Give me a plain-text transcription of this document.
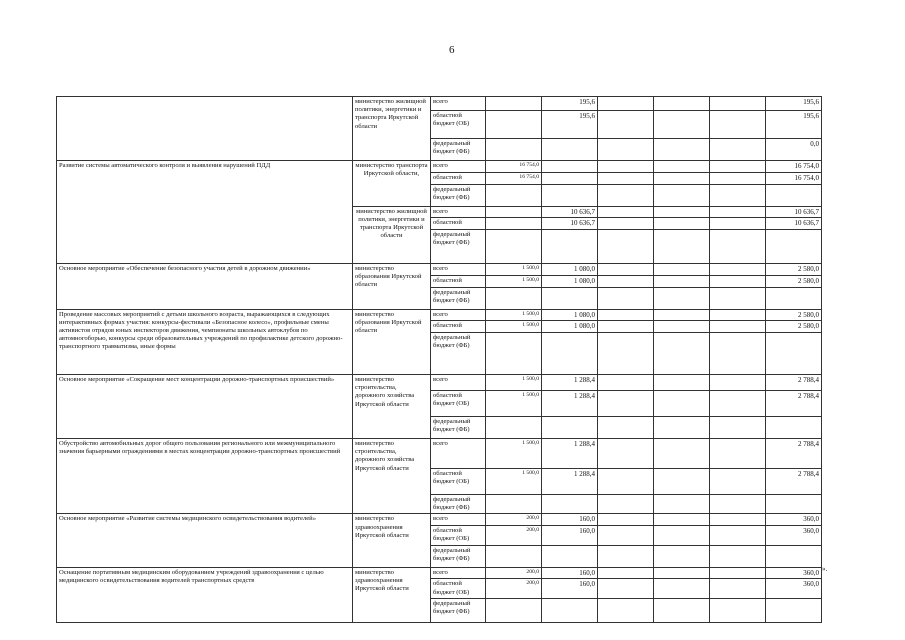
6
	министерство жилищной политики, энергетики и транспорта Иркутской области	всего		195,6				195,6
		областной бюджет (ОБ)		195,6				195,6
		федеральный бюджет (ФБ)						0,0
Развитие системы автоматического контроля и выявления нарушений ПДД	министерство транспорта Иркутской области,	всего	16 754,0					16 754,0
		областной	16 754,0					16 754,0
		федеральный бюджет (ФБ)						
	министерство жилищной политики, энергетики и транспорта Иркутской области	всего		10 636,7				10 636,7
		областной		10 636,7				10 636,7
		федеральный бюджет (ФБ)						
Основное мероприятие «Обеспечение безопасного участия детей в дорожном движении»	министерство образования Иркутской области	всего	1 500,0	1 080,0				2 580,0
		областной	1 500,0	1 080,0				2 580,0
		федеральный бюджет (ФБ)						
Проведение массовых мероприятий с детьми школьного возраста, выражающихся в следующих интерактивных формах участия: конкурсы-фестивали «Безопасное колесо», профильные смены активистов отрядов юных инспекторов движения, чемпионаты школьных автоклубов по автомногоборью, конкурсы среди образовательных учреждений по профилактике детского дорожно-транспортного травматизма, иные формы	министерство образования Иркутской области	всего	1 500,0	1 080,0				2 580,0
		областной	1 500,0	1 080,0				2 580,0
		федеральный бюджет (ФБ)						
Основное мероприятие «Сокращение мест концентрации дорожно-транспортных происшествий»	министерство строительства, дорожного хозяйства Иркутской области	всего	1 500,0	1 288,4				2 788,4
		областной бюджет (ОБ)	1 500,0	1 288,4				2 788,4
		федеральный бюджет (ФБ)						
Обустройство автомобильных дорог общего пользования регионального или межмуниципального значения барьерными ограждениями в местах концентрации дорожно-транспортных происшествий	министерство строительства, дорожного хозяйства Иркутской области	всего	1 500,0	1 288,4				2 788,4
		областной бюджет (ОБ)	1 500,0	1 288,4				2 788,4
		федеральный бюджет (ФБ)						
Основное мероприятие «Развитие системы медицинского освидетельствования водителей»	министерство здравоохранения Иркутской области	всего	200,0	160,0				360,0
		областной бюджет (ОБ)	200,0	160,0				360,0
		федеральный бюджет (ФБ)						
Оснащение портативным медицинским оборудованием учреждений здравоохранения с целью медицинского освидетельствования водителей транспортных средств	министерство здравоохранения Иркутской области	всего	200,0	160,0				360,0
		областной бюджет (ОБ)	200,0	160,0				360,0
		федеральный бюджет (ФБ)						
».
